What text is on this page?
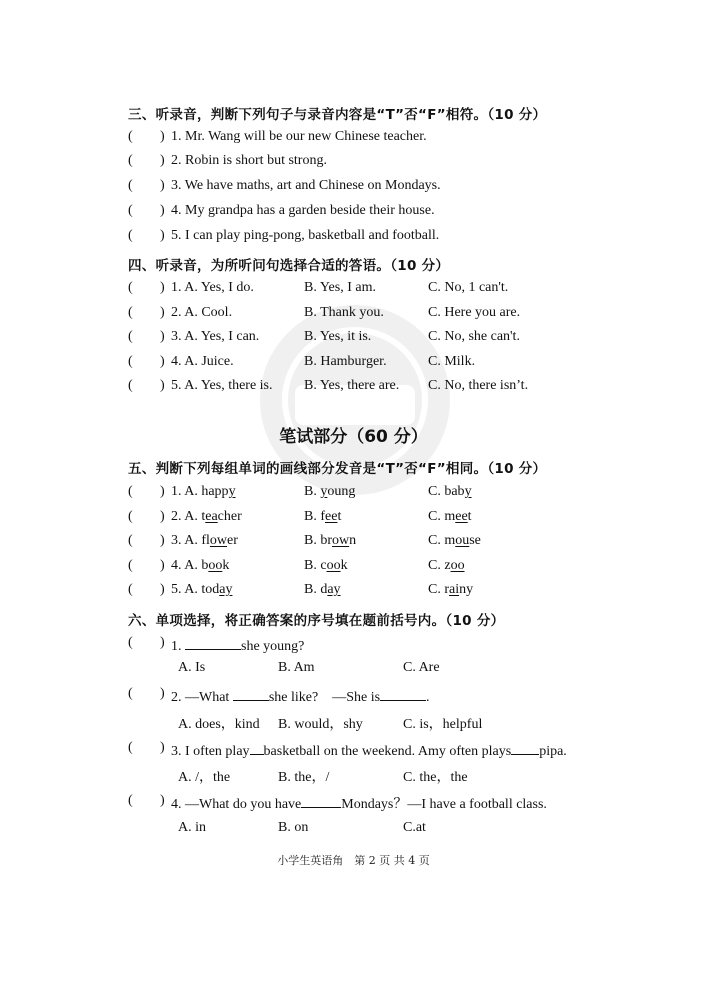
三、听录音，判断下列句子与录音内容是“T”否“F”相符。（10 分）
( ) 1. Mr. Wang will be our new Chinese teacher.
( ) 2. Robin is short but strong.
( ) 3. We have maths, art and Chinese on Mondays.
( ) 4. My grandpa has a garden beside their house.
( ) 5. I can play ping-pong, basketball and football.
四、听录音，为所听问句选择合适的答语。（10 分）
( ) 1. A. Yes, I do.	B. Yes, I am.	C. No, 1 can't.
( ) 2. A. Cool.	B. Thank you.	C. Here you are.
( ) 3. A. Yes, I can.	B. Yes, it is.	C. No, she can't.
( ) 4. A. Juice.	B. Hamburger.	C. Milk.
( ) 5. A. Yes, there is. B. Yes, there are. C. No, there isn’t.
笔试部分（60 分）
五、判断下列每组单词的画线部分发音是“T”否“F”相同。（10 分）
( ) 1. A. happy	B. young	C. baby
( ) 2. A. teacher	B. feet	C. meet
( ) 3. A. flower	B. brown	C. mouse
( ) 4. A. book	B. cook	C. zoo
( ) 5. A. today	B. day	C. rainy
六、单项选择，将正确答案的序号填在题前括号内。（10 分）
( ) 1.	she young?
A. Is	B. Am	C. Are
( ) 2. —What	she like?　—She is	.
A. does，kind B. would，shy	C. is，helpful
( ) 3. I often play basketball on the weekend. Amy often plays pipa.
A. /，the	B. the，/	C. the，the
( ) 4. —What do you have	Mondays？—I have a football class.
A. in	B. on	C.at
小学生英语角　第 2 页 共 4 页
